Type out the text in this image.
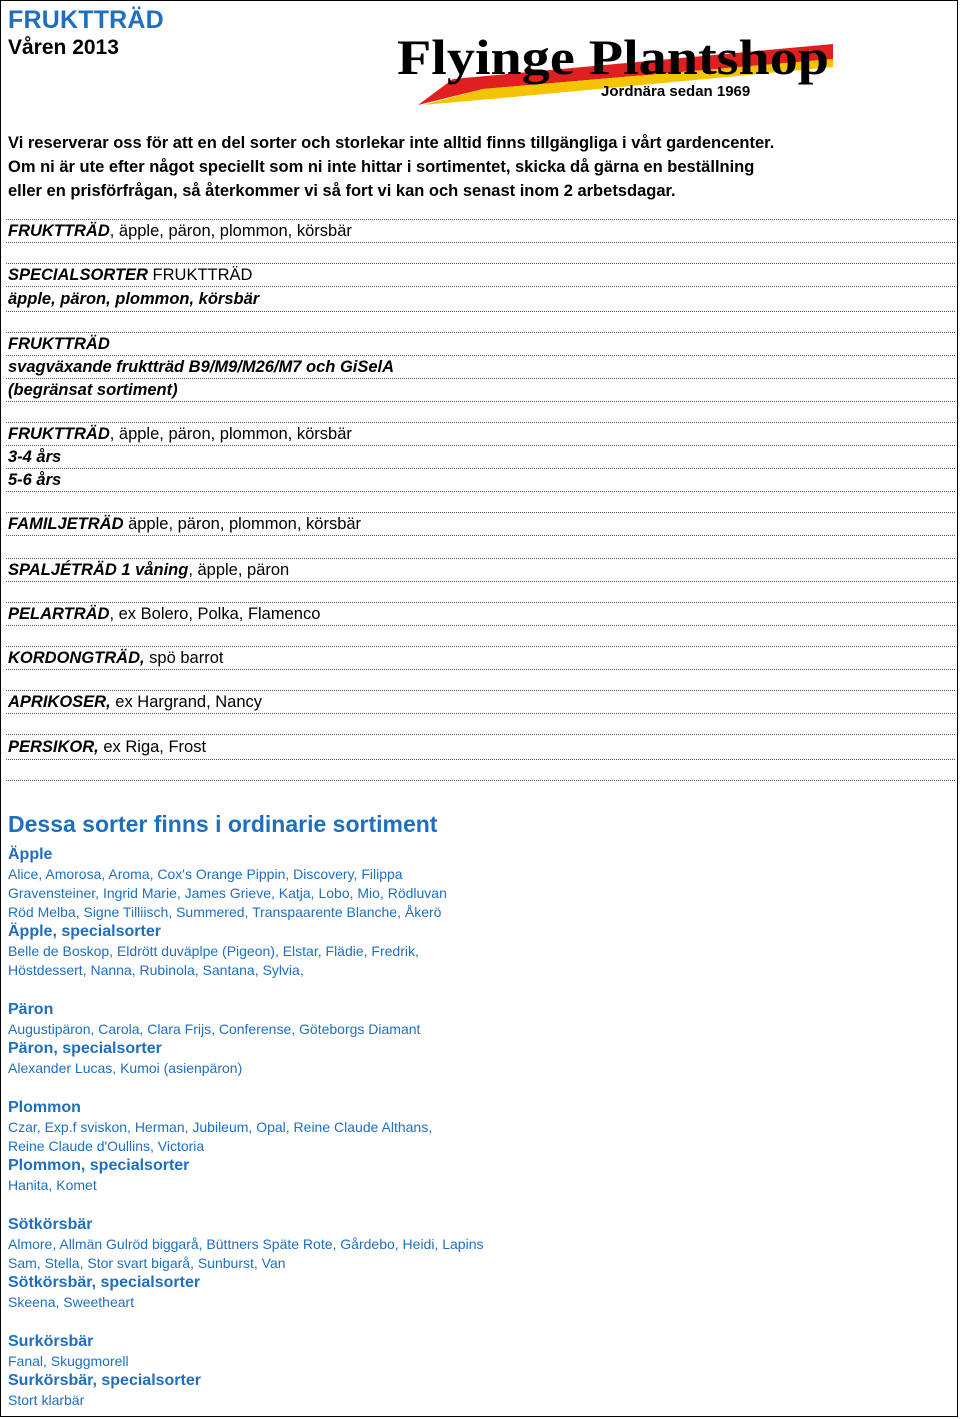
FRUKTTRÄD
Våren 2013	Flyinge Plantshop
Jordnära sedan 1969
Vi reserverar oss för att en del sorter och storlekar inte alltid finns tillgängliga i vårt gardencenter.
Om ni är ute efter något speciellt som ni inte hittar i sortimentet, skicka då gärna en beställning
eller en prisförfrågan, så återkommer vi så fort vi kan och senast inom 2 arbetsdagar.
FRUKTTRÄD, äpple, päron, plommon, körsbär
SPECIALSORTER FRUKTTRÄD
äpple, päron, plommon, körsbär
FRUKTTRÄD
svagväxande fruktträd B9/M9/M26/M7 och GiSelA
(begränsat sortiment)
FRUKTTRÄD, äpple, päron, plommon, körsbär
3-4 års
5-6 års
FAMILJETRÄD äpple, päron, plommon, körsbär
SPALJÉTRÄD 1 våning, äpple, päron
PELARTRÄD, ex Bolero, Polka, Flamenco
KORDONGTRÄD, spö barrot
APRIKOSER, ex Hargrand, Nancy
PERSIKOR, ex Riga, Frost
Dessa sorter finns i ordinarie sortiment
Äpple
Alice, Amorosa, Aroma, Cox's Orange Pippin, Discovery, Filippa
Gravensteiner, Ingrid Marie, James Grieve, Katja, Lobo, Mio, Rödluvan
Röd Melba, Signe Tilliisch, Summered, Transpaarente Blanche, Åkerö
Äpple, specialsorter
Belle de Boskop, Eldrött duväplpe (Pigeon), Elstar, Flädie, Fredrik,
Höstdessert, Nanna, Rubinola, Santana, Sylvia,
Päron
Augustipäron, Carola, Clara Frijs, Conferense, Göteborgs Diamant
Päron, specialsorter
Alexander Lucas, Kumoi (asienpäron)
Plommon
Czar, Exp.f sviskon, Herman, Jubileum, Opal, Reine Claude Althans,
Reine Claude d'Oullins, Victoria
Plommon, specialsorter
Hanita, Komet
Sötkörsbär
Almore, Allmän Gulröd biggarå, Büttners Späte Rote, Gårdebo, Heidi, Lapins
Sam, Stella, Stor svart bigarå, Sunburst, Van
Sötkörsbär, specialsorter
Skeena, Sweetheart
Surkörsbär
Fanal, Skuggmorell
Surkörsbär, specialsorter
Stort klarbär
